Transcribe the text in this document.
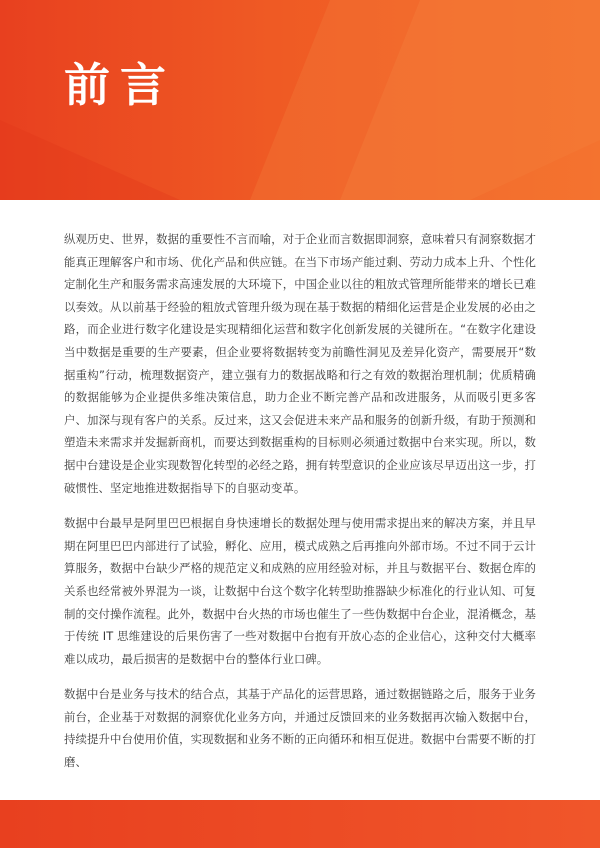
前言

纵观历史、世界，数据的重要性不言而喻，对于企业而言数据即洞察，意味着只有洞察数据才能真正理解客户和市场、优化产品和供应链。在当下市场产能过剩、劳动力成本上升、个性化定制化生产和服务需求高速发展的大环境下，中国企业以往的粗放式管理所能带来的增长已难以奏效。从以前基于经验的粗放式管理升级为现在基于数据的精细化运营是企业发展的必由之路，而企业进行数字化建设是实现精细化运营和数字化创新发展的关键所在。“在数字化建设当中数据是重要的生产要素，但企业要将数据转变为前瞻性洞见及差异化资产，需要展开“数据重构”行动，梳理数据资产，建立强有力的数据战略和行之有效的数据治理机制；优质精确的数据能够为企业提供多维决策信息，助力企业不断完善产品和改进服务，从而吸引更多客户、加深与现有客户的关系。反过来，这又会促进未来产品和服务的创新升级，有助于预测和塑造未来需求并发掘新商机，而要达到数据重构的目标则必须通过数据中台来实现。所以，数据中台建设是企业实现数智化转型的必经之路，拥有转型意识的企业应该尽早迈出这一步，打破惯性、坚定地推进数据指导下的自驱动变革。

数据中台最早是阿里巴巴根据自身快速增长的数据处理与使用需求提出来的解决方案，并且早期在阿里巴巴内部进行了试验，孵化、应用，模式成熟之后再推向外部市场。不过不同于云计算服务，数据中台缺少严格的规范定义和成熟的应用经验对标，并且与数据平台、数据仓库的关系也经常被外界混为一谈，让数据中台这个数字化转型助推器缺少标准化的行业认知、可复制的交付操作流程。此外，数据中台火热的市场也催生了一些伪数据中台企业，混淆概念，基于传统 IT 思维建设的后果伤害了一些对数据中台抱有开放心态的企业信心，这种交付大概率难以成功，最后损害的是数据中台的整体行业口碑。

数据中台是业务与技术的结合点，其基于产品化的运营思路，通过数据链路之后，服务于业务前台，企业基于对数据的洞察优化业务方向，并通过反馈回来的业务数据再次输入数据中台，持续提升中台使用价值，实现数据和业务不断的正向循环和相互促进。数据中台需要不断的打磨、
